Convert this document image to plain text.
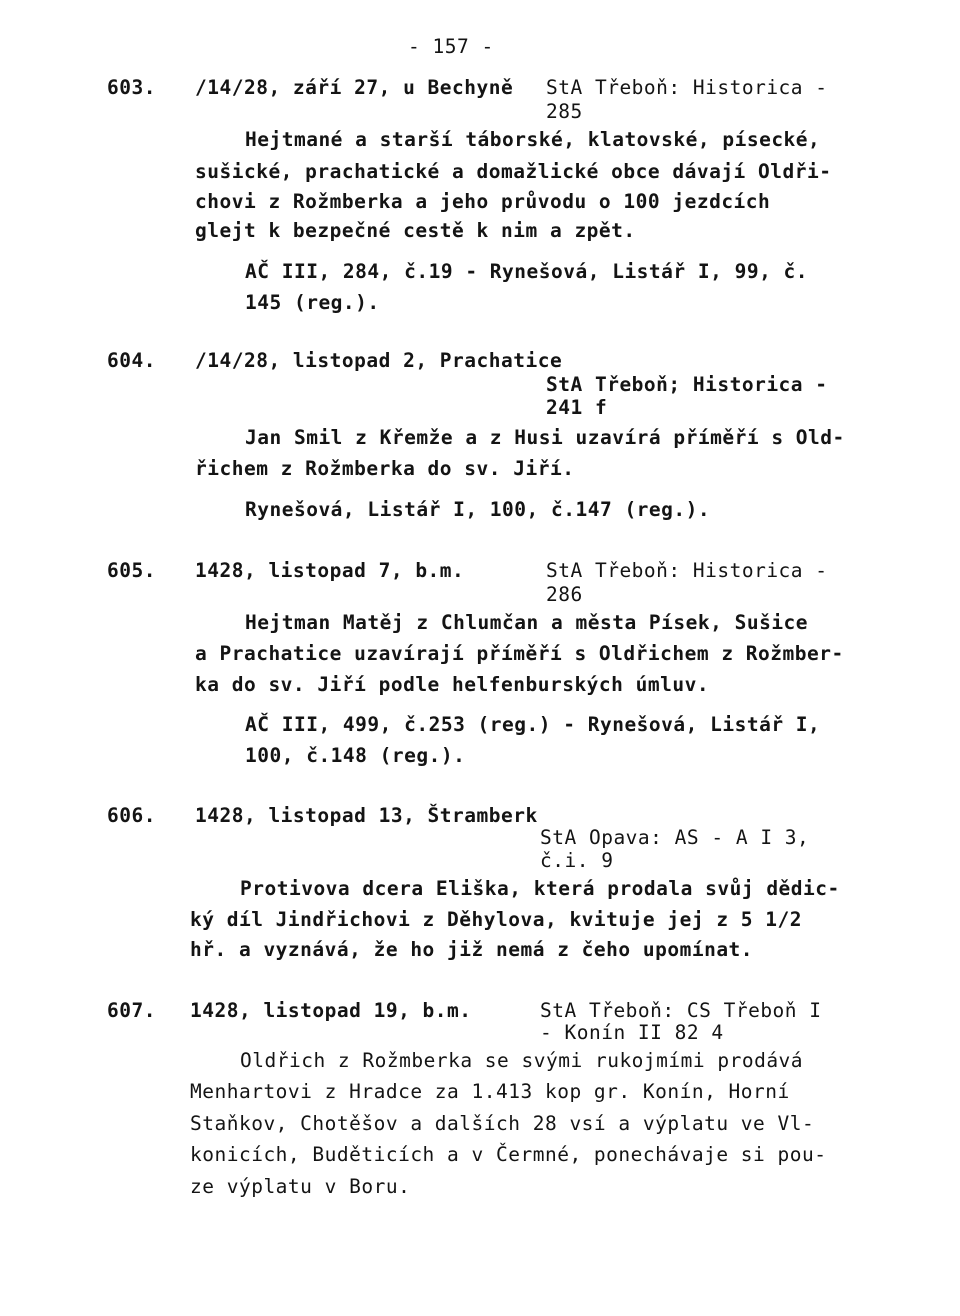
- 157 -
603. /14/28, září 27, u Bechyně StA Třeboň: Historica -
285
Hejtmané a starší táborské, klatovské, písecké,
sušické, prachatické a domažlické obce dávají Oldři-
chovi z Rožmberka a jeho průvodu o 100 jezdcích
glejt k bezpečné cestě k nim a zpět.
AČ III, 284, č.19 - Rynešová, Listář I, 99, č.
145 (reg.).
604. /14/28, listopad 2, Prachatice
StA Třeboň; Historica -
241 f
Jan Smil z Křemže a z Husi uzavírá příměří s Old-
řichem z Rožmberka do sv. Jiří.
Rynešová, Listář I, 100, č.147 (reg.).
605. 1428, listopad 7, b.m.	StA Třeboň: Historica -
286
Hejtman Matěj z Chlumčan a města Písek, Sušice
a Prachatice uzavírají příměří s Oldřichem z Rožmber-
ka do sv. Jiří podle helfenburských úmluv.
AČ III, 499, č.253 (reg.) - Rynešová, Listář I,
100, č.148 (reg.).
606. 1428, listopad 13, Štramberk
StA Opava: AS - A I 3,
č.i. 9
Protivova dcera Eliška, která prodala svůj dědic-
ký díl Jindřichovi z Děhylova, kvituje jej z 5 1/2
hř. a vyznává, že ho již nemá z čeho upomínat.
607. 1428, listopad 19, b.m.	StA Třeboň: CS Třeboň I
- Konín II 82 4
Oldřich z Rožmberka se svými rukojmími prodává
Menhartovi z Hradce za 1.413 kop gr. Konín, Horní
Staňkov, Chotěšov a dalších 28 vsí a výplatu ve Vl-
konicích, Buděticích a v Čermné, ponechávaje si pou-
ze výplatu v Boru.
